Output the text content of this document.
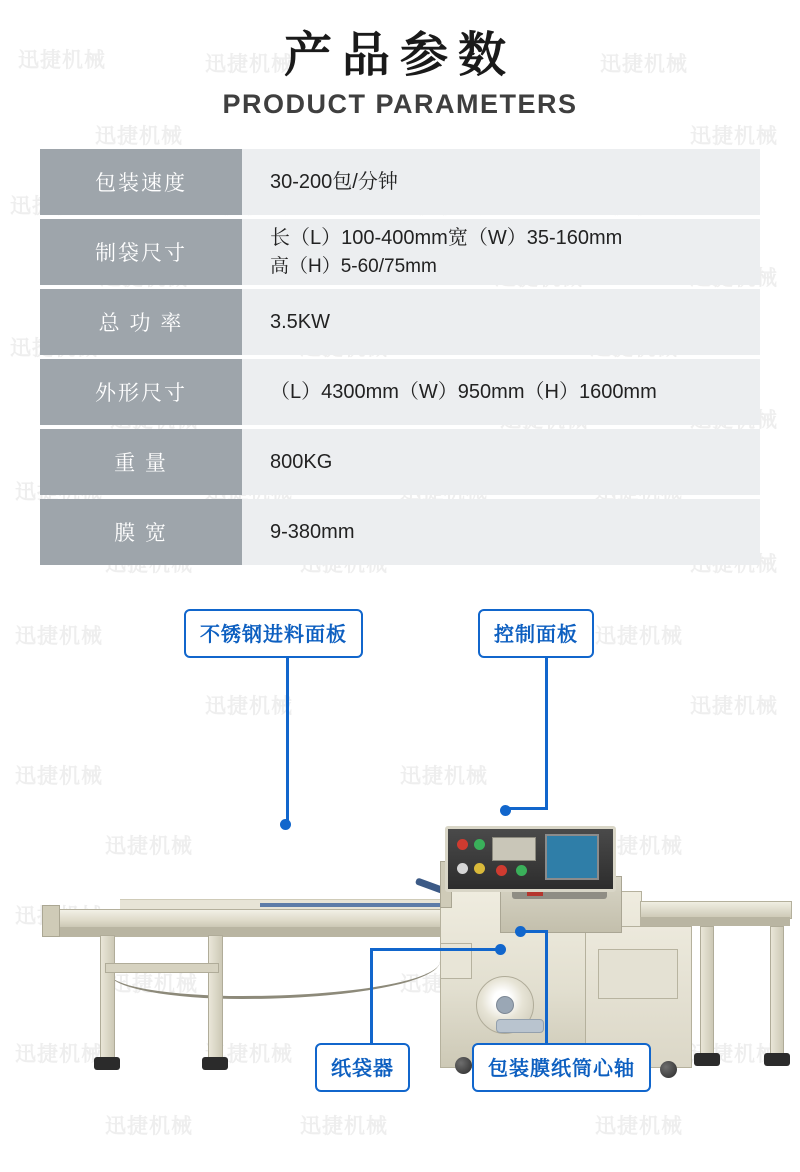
迅捷机械	迅捷机械	迅捷机械
迅捷机械	迅捷机械
迅捷机械	迅捷机械
迅捷机械	迅捷机械
迅捷机械	迅捷机械
迅捷机械	迅捷机械
迅捷机械
迅捷机械	迅捷机械	迅捷机械
迅捷机械	迅捷机械	迅捷机械
产品参数
PRODUCT PARAMETERS
包装速度	30-200包/分钟
制袋尺寸	长（L）100-400mm宽（W）35-160mm
高（H）5-60/75mm

总 功 率	3.5KW
外形尺寸	（L）4300mm（W）950mm（H）1600mm
重 量	800KG
膜 宽	9-380mm
不锈钢进料面板	控制面板
纸袋器	包装膜纸筒心轴
